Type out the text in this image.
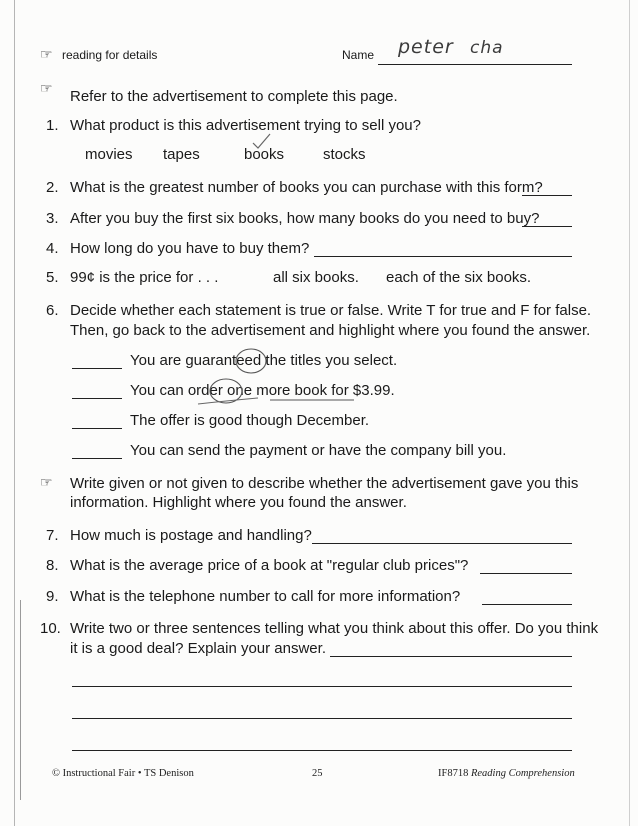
☞ reading for details	Name peter cha
☞ Refer to the advertisement to complete this page.
1. What product is this advertisement trying to sell you?
movies tapes	books	stocks
2. What is the greatest number of books you can purchase with this form?
3. After you buy the first six books, how many books do you need to buy?
4. How long do you have to buy them?
5. 99¢ is the price for . . .	all six books. each of the six books.
6. Decide whether each statement is true or false. Write T for true and F for false.
Then, go back to the advertisement and highlight where you found the answer.
You are guaranteed the titles you select.
You can order one more book for $3.99.
The offer is good though December.
You can send the payment or have the company bill you.
☞ Write given or not given to describe whether the advertisement gave you this
information. Highlight where you found the answer.
7. How much is postage and handling?
8. What is the average price of a book at "regular club prices"?
9. What is the telephone number to call for more information?
10. Write two or three sentences telling what you think about this offer. Do you think
it is a good deal? Explain your answer.
© Instructional Fair • TS Denison	25	IF8718 Reading Comprehension
